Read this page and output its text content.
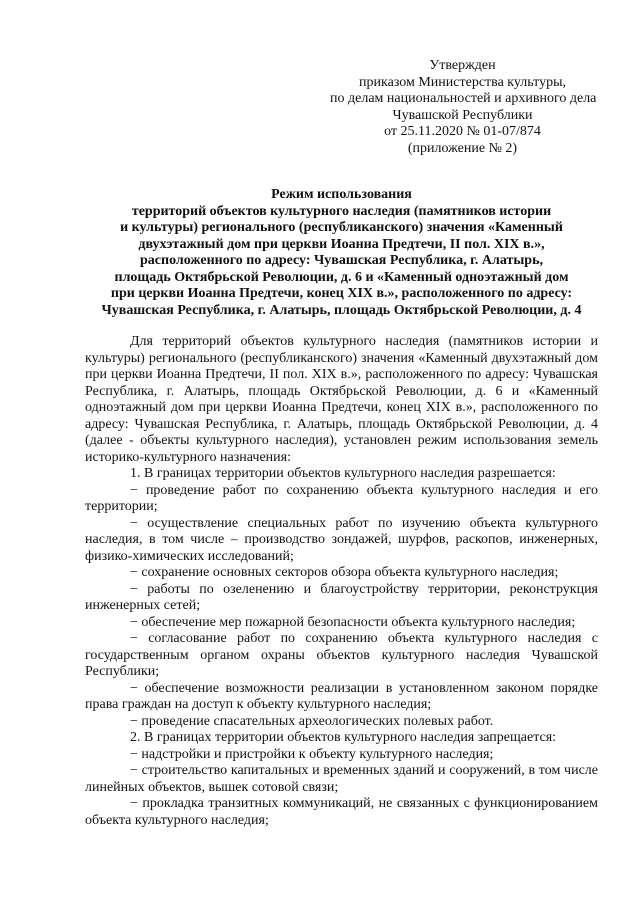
Утвержден
приказом Министерства культуры,
по делам национальностей и архивного дела
Чувашской Республики
от 25.11.2020 № 01-07/874
(приложение № 2)
Режим использования
территорий объектов культурного наследия (памятников истории
и культуры) регионального (республиканского) значения «Каменный
двухэтажный дом при церкви Иоанна Предтечи, II пол. XIX в.»,
расположенного по адресу: Чувашская Республика, г. Алатырь,
площадь Октябрьской Революции, д. 6 и «Каменный одноэтажный дом
при церкви Иоанна Предтечи, конец XIX в.», расположенного по адресу:
Чувашская Республика, г. Алатырь, площадь Октябрьской Революции, д. 4

Для территорий объектов культурного наследия (памятников истории и культуры) регионального (республиканского) значения «Каменный двухэтажный дом при церкви Иоанна Предтечи, II пол. XIX в.», расположенного по адресу: Чувашская Республика, г. Алатырь, площадь Октябрьской Революции, д. 6 и «Каменный одноэтажный дом при церкви Иоанна Предтечи, конец XIX в.», расположенного по адресу: Чувашская Республика, г. Алатырь, площадь Октябрьской Революции, д. 4 (далее - объекты культурного наследия), установлен режим использования земель историко-культурного назначения:

1. В границах территории объектов культурного наследия разрешается:

− проведение работ по сохранению объекта культурного наследия и его территории;

− осуществление специальных работ по изучению объекта культурного наследия, в том числе – производство зондажей, шурфов, раскопов, инженерных, физико-химических исследований;

− сохранение основных секторов обзора объекта культурного наследия;

− работы по озеленению и благоустройству территории, реконструкция инженерных сетей;

− обеспечение мер пожарной безопасности объекта культурного наследия;

− согласование работ по сохранению объекта культурного наследия с государственным органом охраны объектов культурного наследия Чувашской Республики;

− обеспечение возможности реализации в установленном законом порядке права граждан на доступ к объекту культурного наследия;

− проведение спасательных археологических полевых работ.

2. В границах территории объектов культурного наследия запрещается:

− надстройки и пристройки к объекту культурного наследия;

− строительство капитальных и временных зданий и сооружений, в том числе линейных объектов, вышек сотовой связи;

− прокладка транзитных коммуникаций, не связанных с функционированием объекта культурного наследия;
